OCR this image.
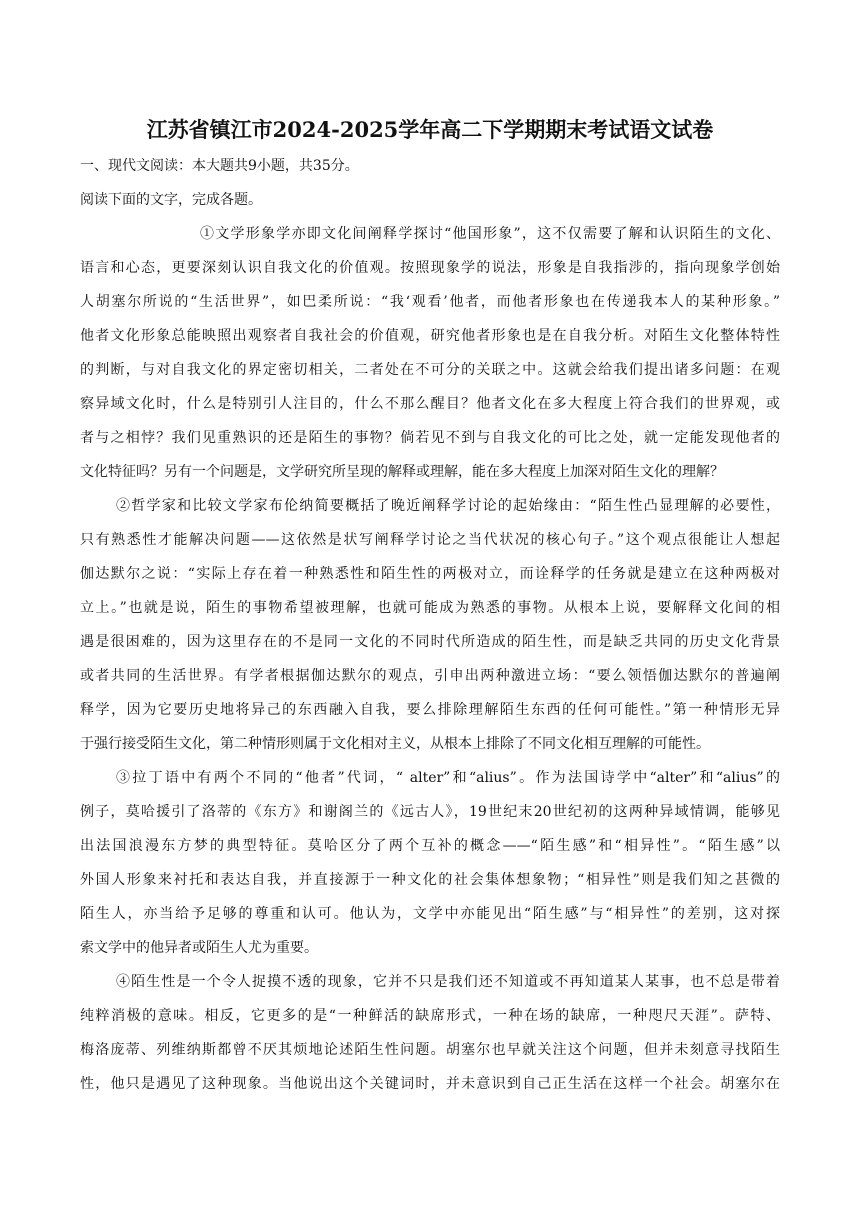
江苏省镇江市2024-2025学年高二下学期期末考试语文试卷
一、现代文阅读：本大题共9小题，共35分。
阅读下面的文字，完成各题。
①文学形象学亦即文化间阐释学探讨“他国形象”，这不仅需要了解和认识陌生的文化、
语言和心态，更要深刻认识自我文化的价值观。按照现象学的说法，形象是自我指涉的，指向现象学创始
人胡塞尔所说的“生活世界”，如巴柔所说：“我‘观看’他者，而他者形象也在传递我本人的某种形象。”
他者文化形象总能映照出观察者自我社会的价值观，研究他者形象也是在自我分析。对陌生文化整体特性
的判断，与对自我文化的界定密切相关，二者处在不可分的关联之中。这就会给我们提出诸多问题：在观
察异域文化时，什么是特别引人注目的，什么不那么醒目？他者文化在多大程度上符合我们的世界观，或
者与之相悖？我们见重熟识的还是陌生的事物？倘若见不到与自我文化的可比之处，就一定能发现他者的
文化特征吗？另有一个问题是，文学研究所呈现的解释或理解，能在多大程度上加深对陌生文化的理解？
②哲学家和比较文学家布伦纳简要概括了晚近阐释学讨论的起始缘由：“陌生性凸显理解的必要性，
只有熟悉性才能解决问题——这依然是状写阐释学讨论之当代状况的核心句子。”这个观点很能让人想起
伽达默尔之说：“实际上存在着一种熟悉性和陌生性的两极对立，而诠释学的任务就是建立在这种两极对
立上。”也就是说，陌生的事物希望被理解，也就可能成为熟悉的事物。从根本上说，要解释文化间的相
遇是很困难的，因为这里存在的不是同一文化的不同时代所造成的陌生性，而是缺乏共同的历史文化背景
或者共同的生活世界。有学者根据伽达默尔的观点，引申出两种激进立场：“要么领悟伽达默尔的普遍阐
释学，因为它要历史地将异己的东西融入自我，要么排除理解陌生东西的任何可能性。”第一种情形无异
于强行接受陌生文化，第二种情形则属于文化相对主义，从根本上排除了不同文化相互理解的可能性。
③拉丁语中有两个不同的“他者”代词，“ alter”和“alius”。作为法国诗学中“alter”和“alius”的
例子，莫哈援引了洛蒂的《东方》和谢阁兰的《远古人》，19世纪末20世纪初的这两种异域情调，能够见
出法国浪漫东方梦的典型特征。莫哈区分了两个互补的概念——“陌生感”和“相异性”。“陌生感”以
外国人形象来衬托和表达自我，并直接源于一种文化的社会集体想象物；“相异性”则是我们知之甚微的
陌生人，亦当给予足够的尊重和认可。他认为，文学中亦能见出“陌生感”与“相异性”的差别，这对探
索文学中的他异者或陌生人尤为重要。
④陌生性是一个令人捉摸不透的现象，它并不只是我们还不知道或不再知道某人某事，也不总是带着
纯粹消极的意味。相反，它更多的是“一种鲜活的缺席形式，一种在场的缺席，一种咫尺天涯”。萨特、
梅洛庞蒂、列维纳斯都曾不厌其烦地论述陌生性问题。胡塞尔也早就关注这个问题，但并未刻意寻找陌生
性，他只是遇见了这种现象。当他说出这个关键词时，并未意识到自己正生活在这样一个社会。胡塞尔在
